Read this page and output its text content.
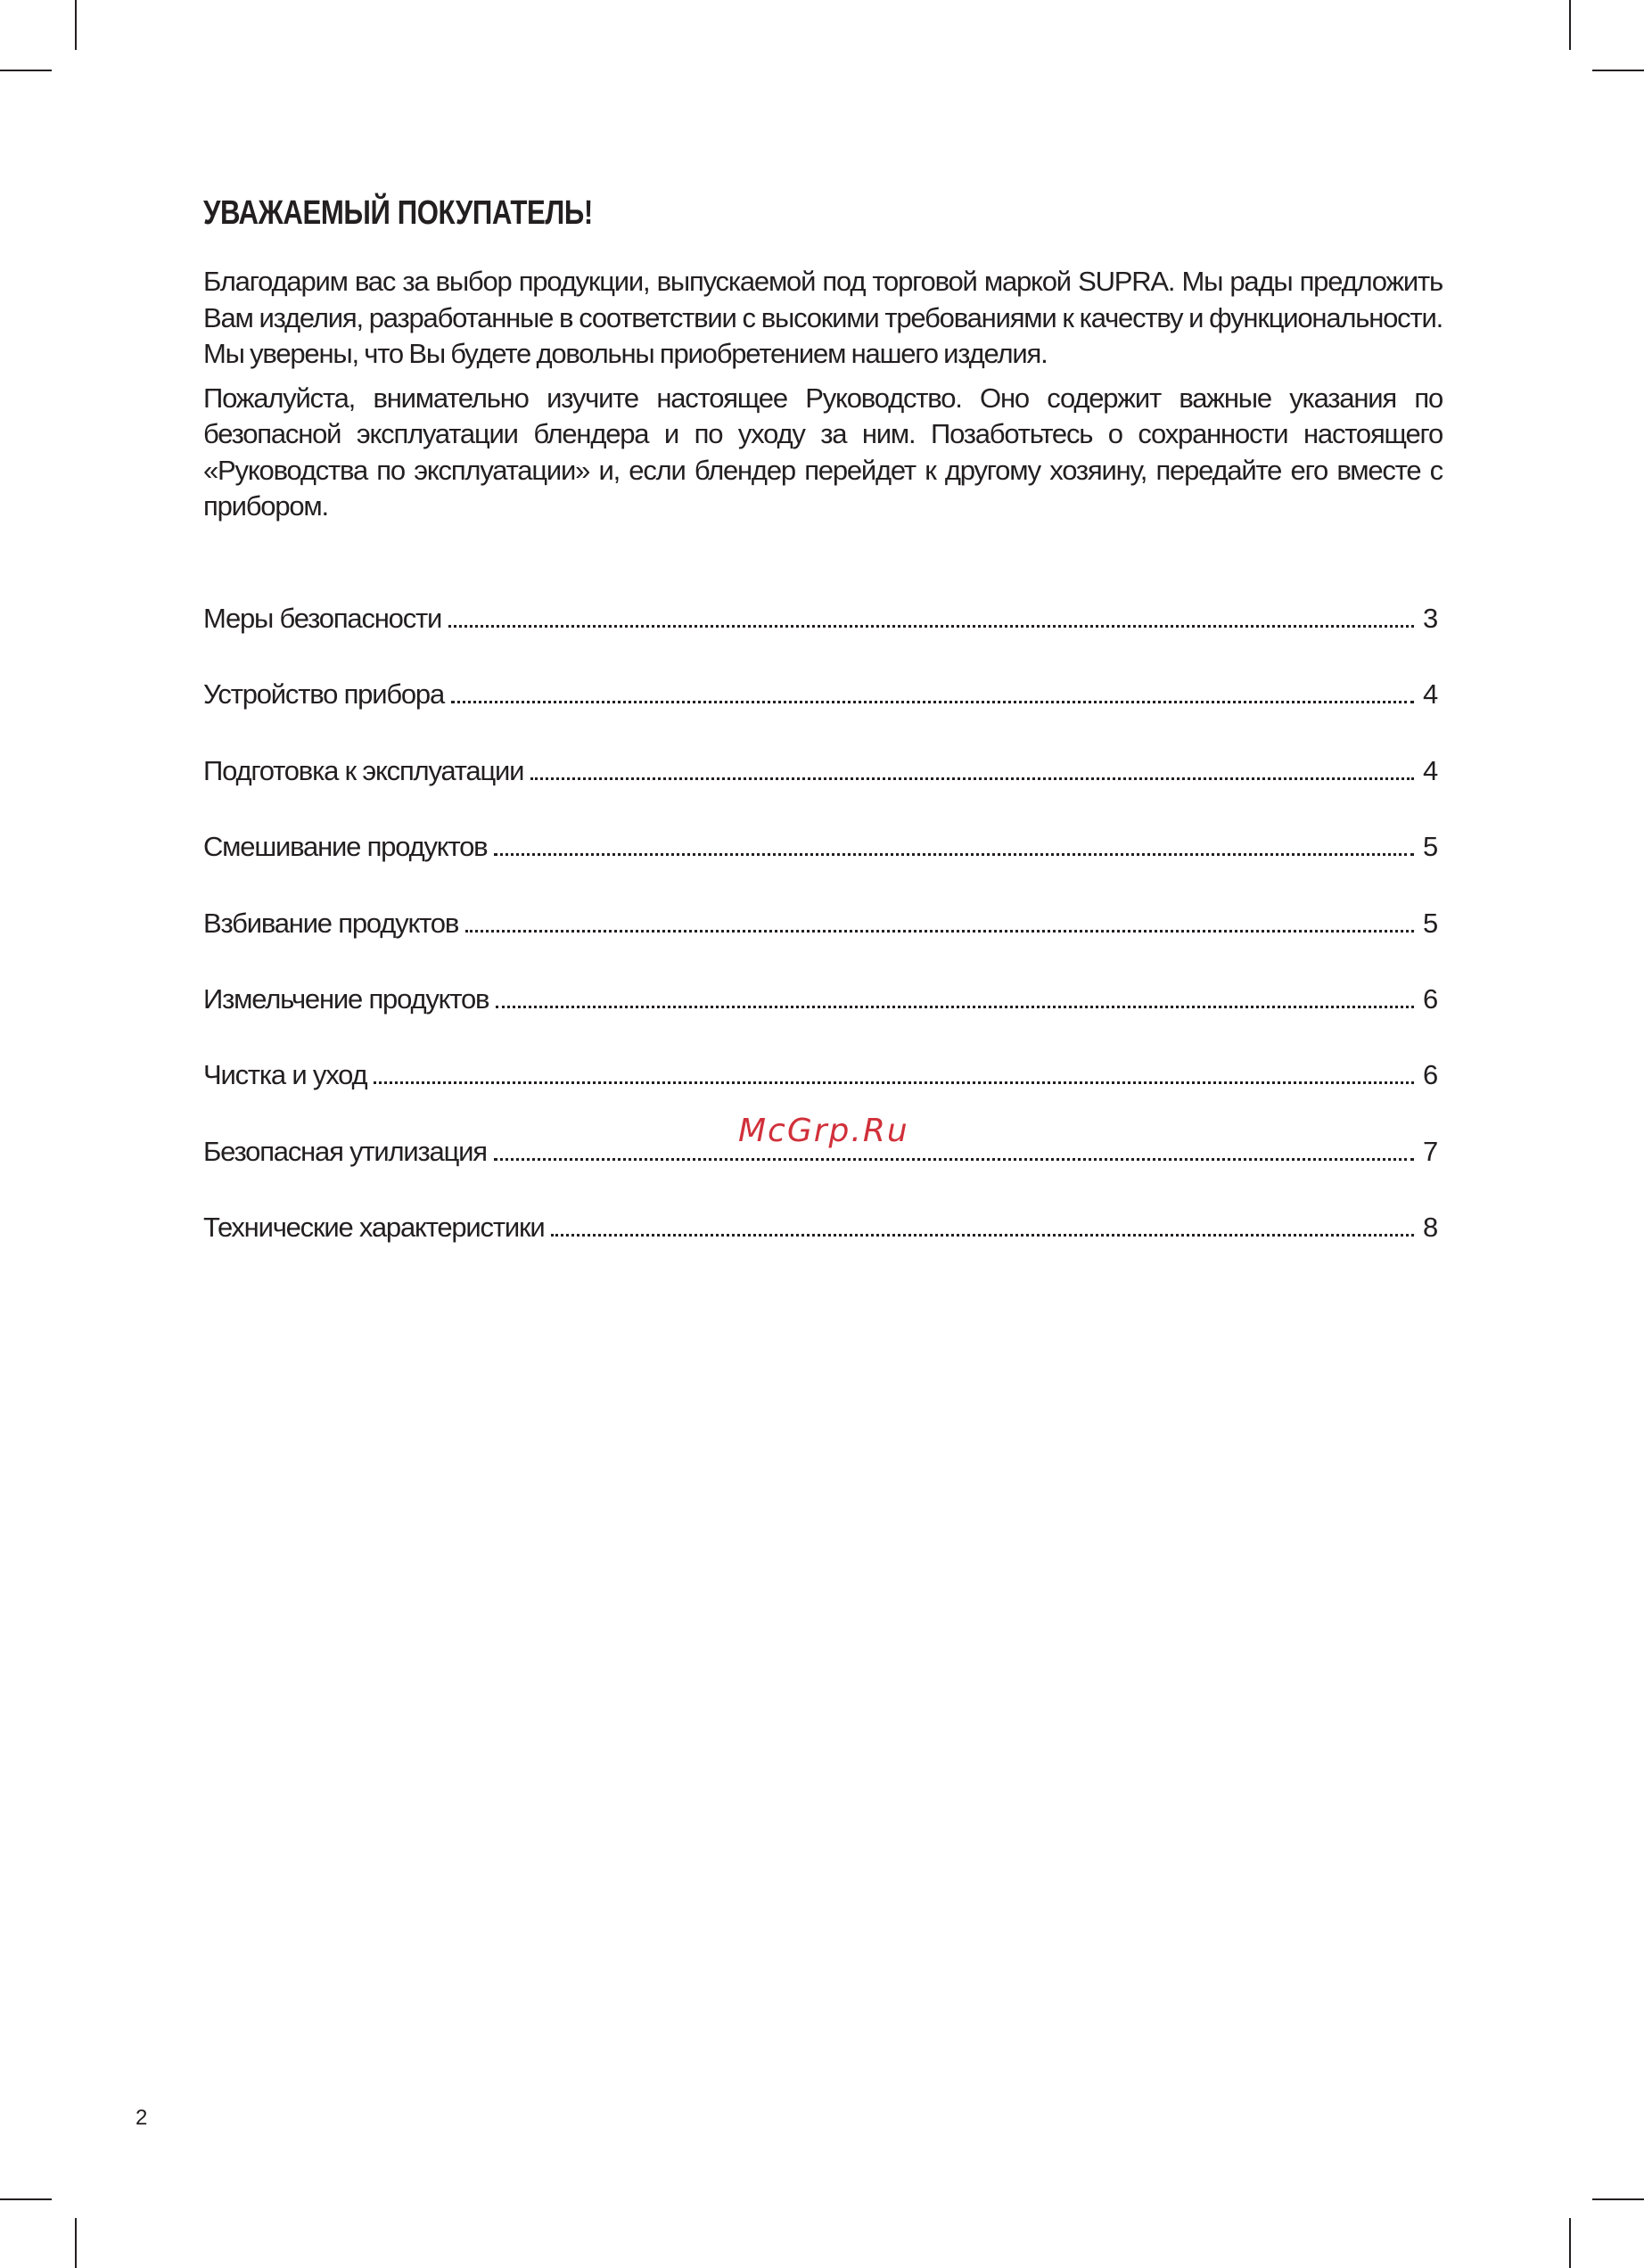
УВАЖАЕМЫЙ ПОКУПАТЕЛЬ!

Благодарим вас за выбор продукции, выпускаемой под торговой маркой SUPRA. Мы рады предложить Вам изделия, разработанные в соответствии с высокими требованиями к качеству и функциональности. Мы уверены, что Вы будете довольны приобретением нашего изделия.

Пожалуйста, внимательно изучите настоящее Руководство. Оно содержит важные указания по безопасной эксплуатации блендера и по уходу за ним. Позаботьтесь о сохранности настоящего «Руководства по эксплуатации» и, если блендер перейдет к другому хозяину, передайте его вместе с прибором.

Меры безопасности	3
Устройство прибора	4
Подготовка к эксплуатации	4
Смешивание продуктов	5
Взбивание продуктов	5
Измельчение продуктов	6
Чистка и уход	6
Безопасная утилизация	7
Технические характеристики	8
McGrp.Ru
2
